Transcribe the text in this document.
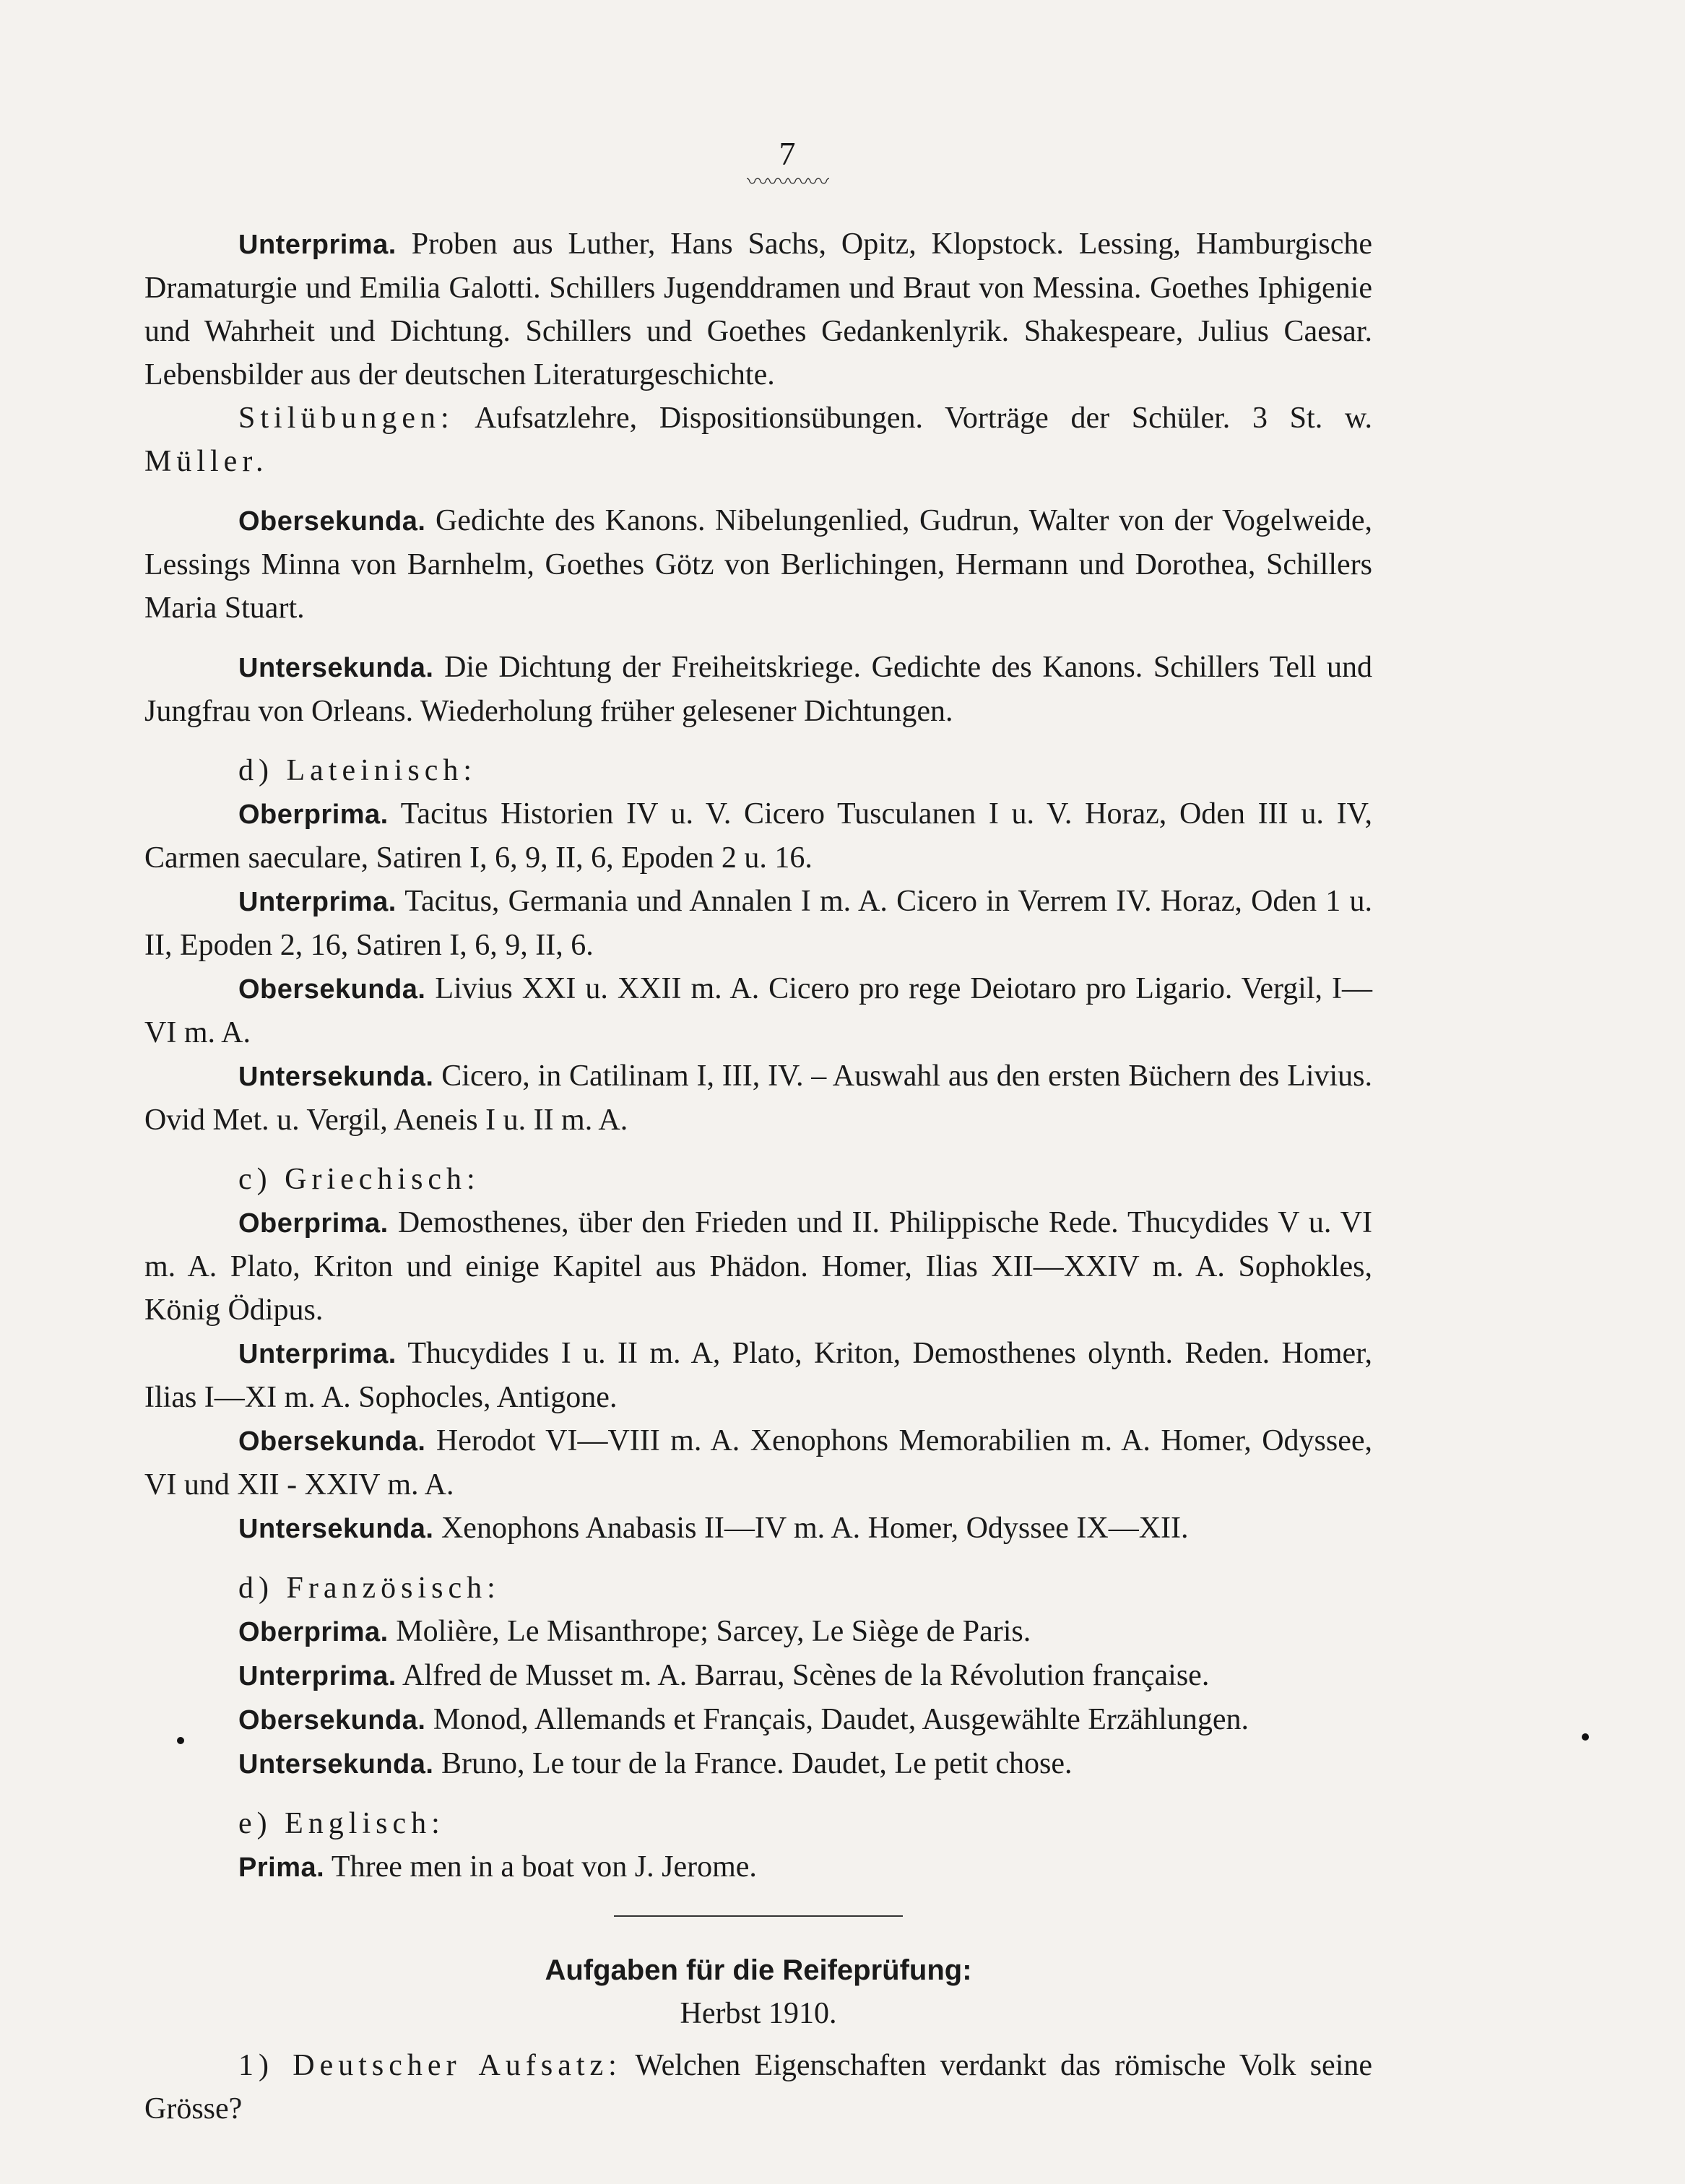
7
〰〰〰〰

Unterprima. Proben aus Luther, Hans Sachs, Opitz, Klopstock. Lessing, Hamburgische Dramaturgie und Emilia Galotti. Schillers Jugenddramen und Braut von Messina. Goethes Iphigenie und Wahrheit und Dichtung. Schillers und Goethes Gedankenlyrik. Shakespeare, Julius Caesar. Lebensbilder aus der deutschen Literaturgeschichte.

Stilübungen: Aufsatzlehre, Dispositionsübungen. Vorträge der Schüler. 3 St. w. Müller.

Obersekunda. Gedichte des Kanons. Nibelungenlied, Gudrun, Walter von der Vogelweide, Lessings Minna von Barnhelm, Goethes Götz von Berlichingen, Hermann und Dorothea, Schillers Maria Stuart.

Untersekunda. Die Dichtung der Freiheitskriege. Gedichte des Kanons. Schillers Tell und Jungfrau von Orleans. Wiederholung früher gelesener Dichtungen.

d) Lateinisch:

Oberprima. Tacitus Historien IV u. V. Cicero Tusculanen I u. V. Horaz, Oden III u. IV, Carmen saeculare, Satiren I, 6, 9, II, 6, Epoden 2 u. 16.

Unterprima. Tacitus, Germania und Annalen I m. A. Cicero in Verrem IV. Horaz, Oden 1 u. II, Epoden 2, 16, Satiren I, 6, 9, II, 6.

Obersekunda. Livius XXI u. XXII m. A. Cicero pro rege Deiotaro pro Ligario. Vergil, I—VI m. A.

Untersekunda. Cicero, in Catilinam I, III, IV. – Auswahl aus den ersten Büchern des Livius. Ovid Met. u. Vergil, Aeneis I u. II m. A.

c) Griechisch:

Oberprima. Demosthenes, über den Frieden und II. Philippische Rede. Thucydides V u. VI m. A. Plato, Kriton und einige Kapitel aus Phädon. Homer, Ilias XII—XXIV m. A. Sophokles, König Ödipus.

Unterprima. Thucydides I u. II m. A, Plato, Kriton, Demosthenes olynth. Reden. Homer, Ilias I—XI m. A. Sophocles, Antigone.

Obersekunda. Herodot VI—VIII m. A. Xenophons Memorabilien m. A. Homer, Odyssee, VI und XII - XXIV m. A.

Untersekunda. Xenophons Anabasis II—IV m. A. Homer, Odyssee IX—XII.

d) Französisch:

Oberprima. Molière, Le Misanthrope; Sarcey, Le Siège de Paris.

Unterprima. Alfred de Musset m. A. Barrau, Scènes de la Révolution française.

Obersekunda. Monod, Allemands et Français, Daudet, Ausgewählte Erzählungen.

Untersekunda. Bruno, Le tour de la France. Daudet, Le petit chose.

e) Englisch:

Prima. Three men in a boat von J. Jerome.

Aufgaben für die Reifeprüfung:

Herbst 1910.

1) Deutscher Aufsatz: Welchen Eigenschaften verdankt das römische Volk seine Grösse?
